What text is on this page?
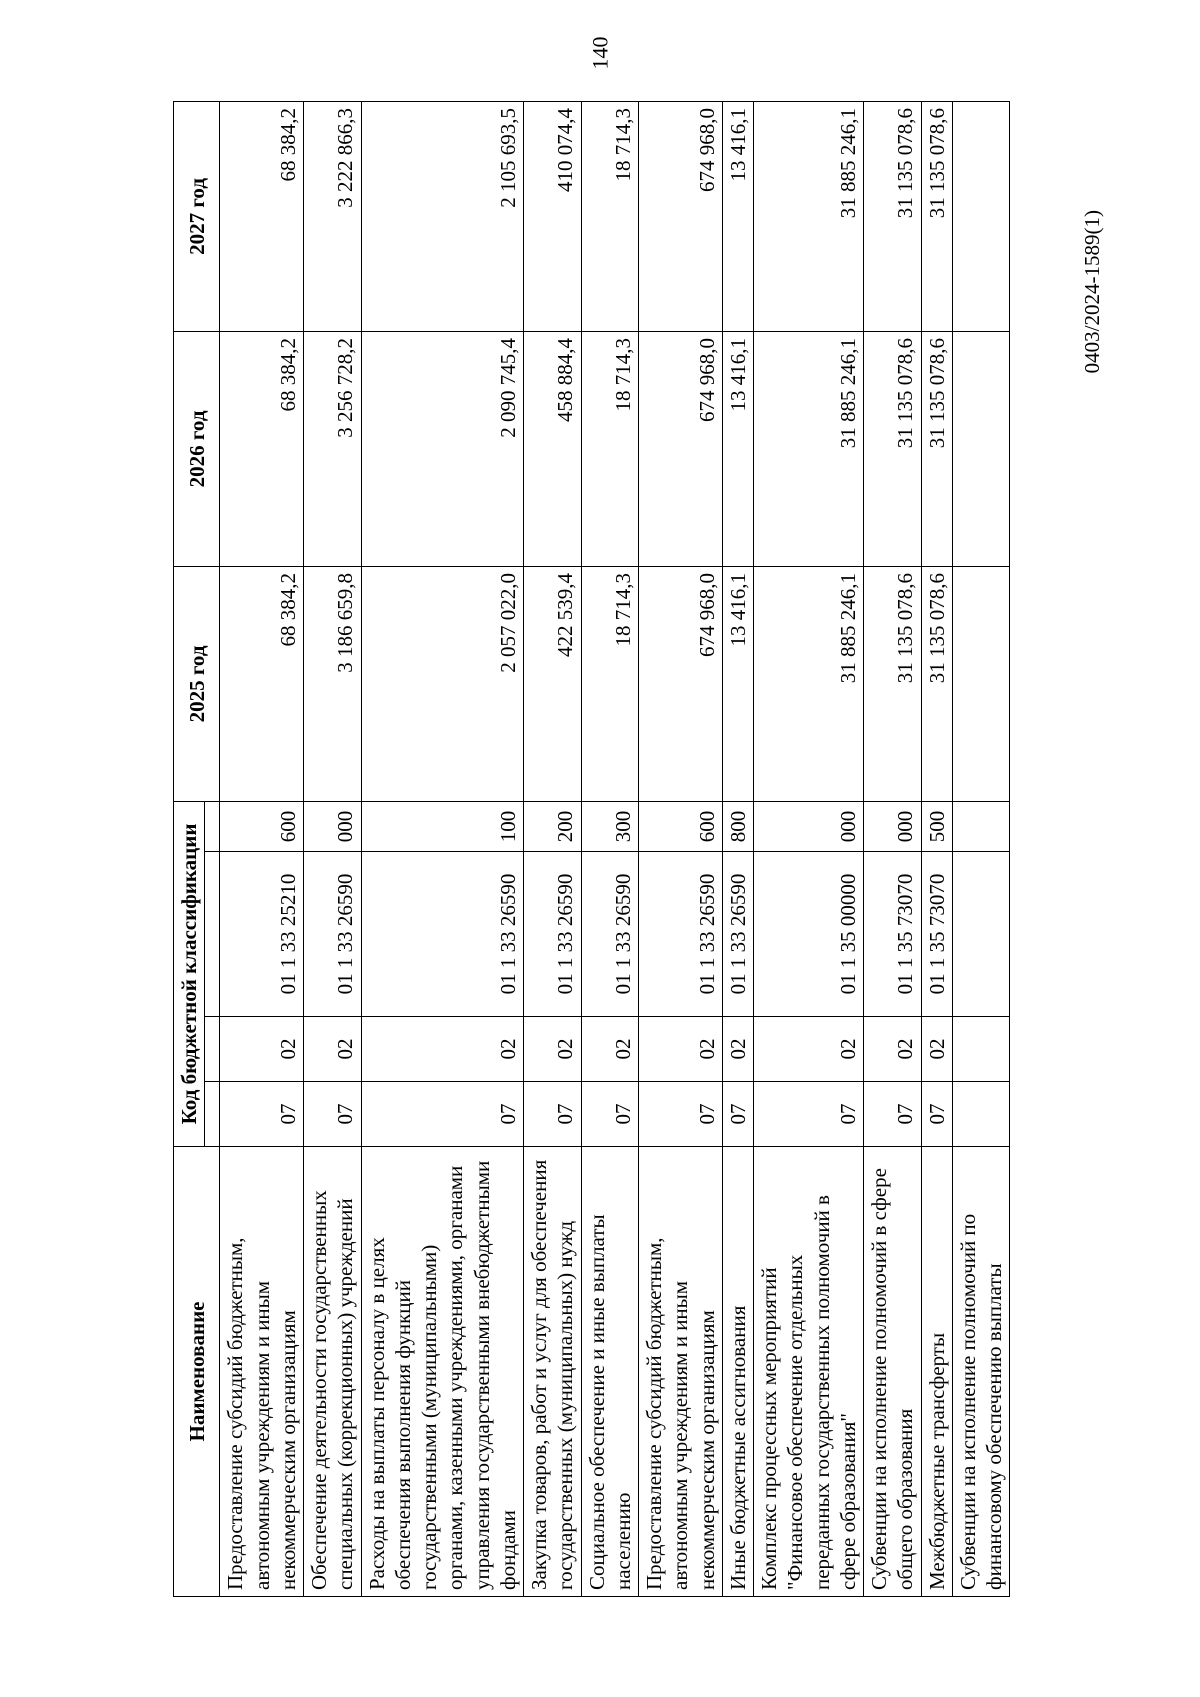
140
0403/2024-1589(1)
Наименование	Код бюджетной классификации				2025 год	2026 год	2027 год

Предоставление субсидий бюджетным, автономным учреждениям и иным некоммерческим организациям	07	02	01 1 33 25210	600	68 384,2	68 384,2	68 384,2
Обеспечение деятельности государственных специальных (коррекционных) учреждений	07	02	01 1 33 26590	000	3 186 659,8	3 256 728,2	3 222 866,3
Расходы на выплаты персоналу в целях обеспечения выполнения функций государственными (муниципальными) органами, казенными учреждениями, органами управления государственными внебюджетными фондами	07	02	01 1 33 26590	100	2 057 022,0	2 090 745,4	2 105 693,5
Закупка товаров, работ и услуг для обеспечения государственных (муниципальных) нужд	07	02	01 1 33 26590	200	422 539,4	458 884,4	410 074,4
Социальное обеспечение и иные выплаты населению	07	02	01 1 33 26590	300	18 714,3	18 714,3	18 714,3
Предоставление субсидий бюджетным, автономным учреждениям и иным некоммерческим организациям	07	02	01 1 33 26590	600	674 968,0	674 968,0	674 968,0
Иные бюджетные ассигнования	07	02	01 1 33 26590	800	13 416,1	13 416,1	13 416,1
Комплекс процессных мероприятий "Финансовое обеспечение отдельных переданных государственных полномочий в сфере образования"	07	02	01 1 35 00000	000	31 885 246,1	31 885 246,1	31 885 246,1
Субвенции на исполнение полномочий в сфере общего образования	07	02	01 1 35 73070	000	31 135 078,6	31 135 078,6	31 135 078,6
Межбюджетные трансферты	07	02	01 1 35 73070	500	31 135 078,6	31 135 078,6	31 135 078,6
Субвенции на исполнение полномочий по финансовому обеспечению выплаты							
